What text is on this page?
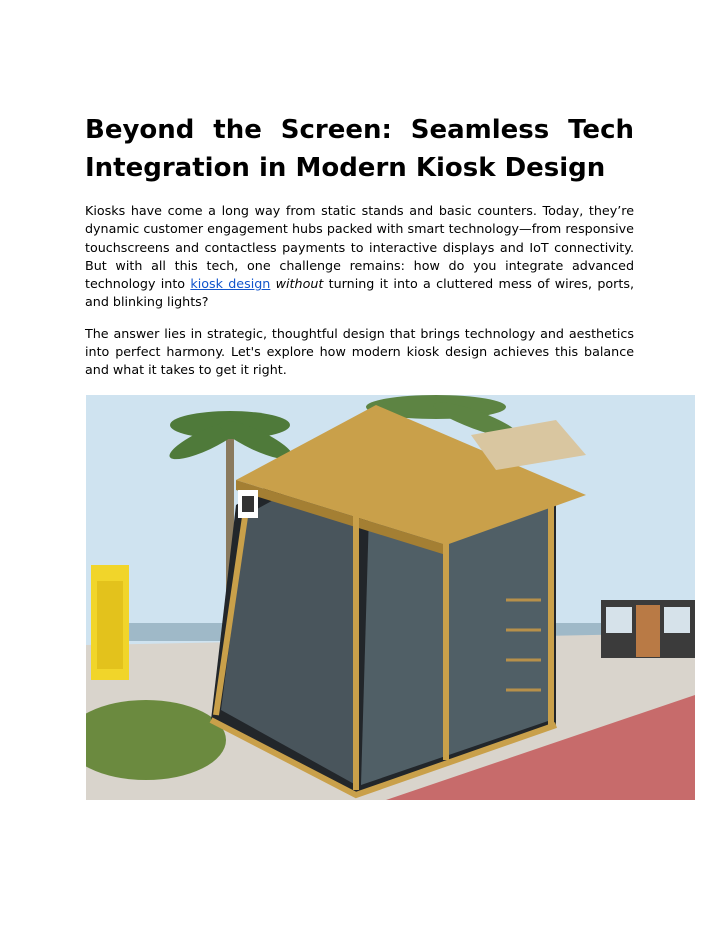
Beyond the Screen: Seamless Tech Integration in Modern Kiosk Design

Kiosks have come a long way from static stands and basic counters. Today, they’re dynamic customer engagement hubs packed with smart technology—from responsive touchscreens and contactless payments to interactive displays and IoT connectivity. But with all this tech, one challenge remains: how do you integrate advanced technology into kiosk design without turning it into a cluttered mess of wires, ports, and blinking lights?

The answer lies in strategic, thoughtful design that brings technology and aesthetics into perfect harmony. Let's explore how modern kiosk design achieves this balance and what it takes to get it right.
